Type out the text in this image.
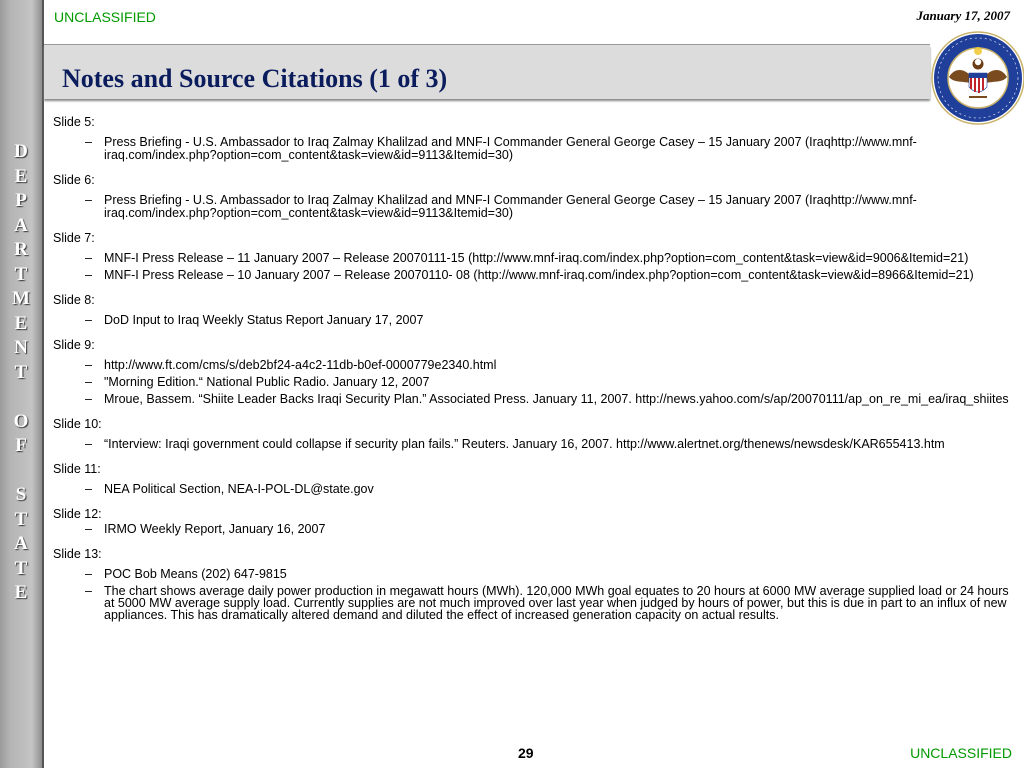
D
E
P
A
R
T
M
E
N
T
O
F
S
T
A
T
E
UNCLASSIFIED	January 17, 2007
Notes and Source Citations (1 of 3)
Slide 5:
– Press Briefing - U.S. Ambassador to Iraq Zalmay Khalilzad and MNF-I Commander General George Casey – 15 January 2007 (Iraqhttp://www.mnf-iraq.com/index.php?option=com_content&task=view&id=9113&Itemid=30)
Slide 6:
– Press Briefing - U.S. Ambassador to Iraq Zalmay Khalilzad and MNF-I Commander General George Casey – 15 January 2007 (Iraqhttp://www.mnf-iraq.com/index.php?option=com_content&task=view&id=9113&Itemid=30)
Slide 7:
– MNF-I Press Release – 11 January 2007 – Release 20070111-15 (http://www.mnf-iraq.com/index.php?option=com_content&task=view&id=9006&Itemid=21)
– MNF-I Press Release – 10 January 2007 – Release 20070110- 08 (http://www.mnf-iraq.com/index.php?option=com_content&task=view&id=8966&Itemid=21)
Slide 8:
– DoD Input to Iraq Weekly Status Report January 17, 2007
Slide 9:
– http://www.ft.com/cms/s/deb2bf24-a4c2-11db-b0ef-0000779e2340.html
– "Morning Edition.“ National Public Radio. January 12, 2007
– Mroue, Bassem. “Shiite Leader Backs Iraqi Security Plan.” Associated Press. January 11, 2007. http://news.yahoo.com/s/ap/20070111/ap_on_re_mi_ea/iraq_shiites
Slide 10:
– “Interview: Iraqi government could collapse if security plan fails.” Reuters. January 16, 2007. http://www.alertnet.org/thenews/newsdesk/KAR655413.htm
Slide 11:
– NEA Political Section, NEA-I-POL-DL@state.gov
Slide 12:
– IRMO Weekly Report, January 16, 2007
Slide 13:
– POC Bob Means (202) 647-9815
– The chart shows average daily power production in megawatt hours (MWh). 120,000 MWh goal equates to 20 hours at 6000 MW average supplied load or 24 hours at 5000 MW average supply load. Currently supplies are not much improved over last year when judged by hours of power, but this is due in part to an influx of new appliances. This has dramatically altered demand and diluted the effect of increased generation capacity on actual results.
29	UNCLASSIFIED
